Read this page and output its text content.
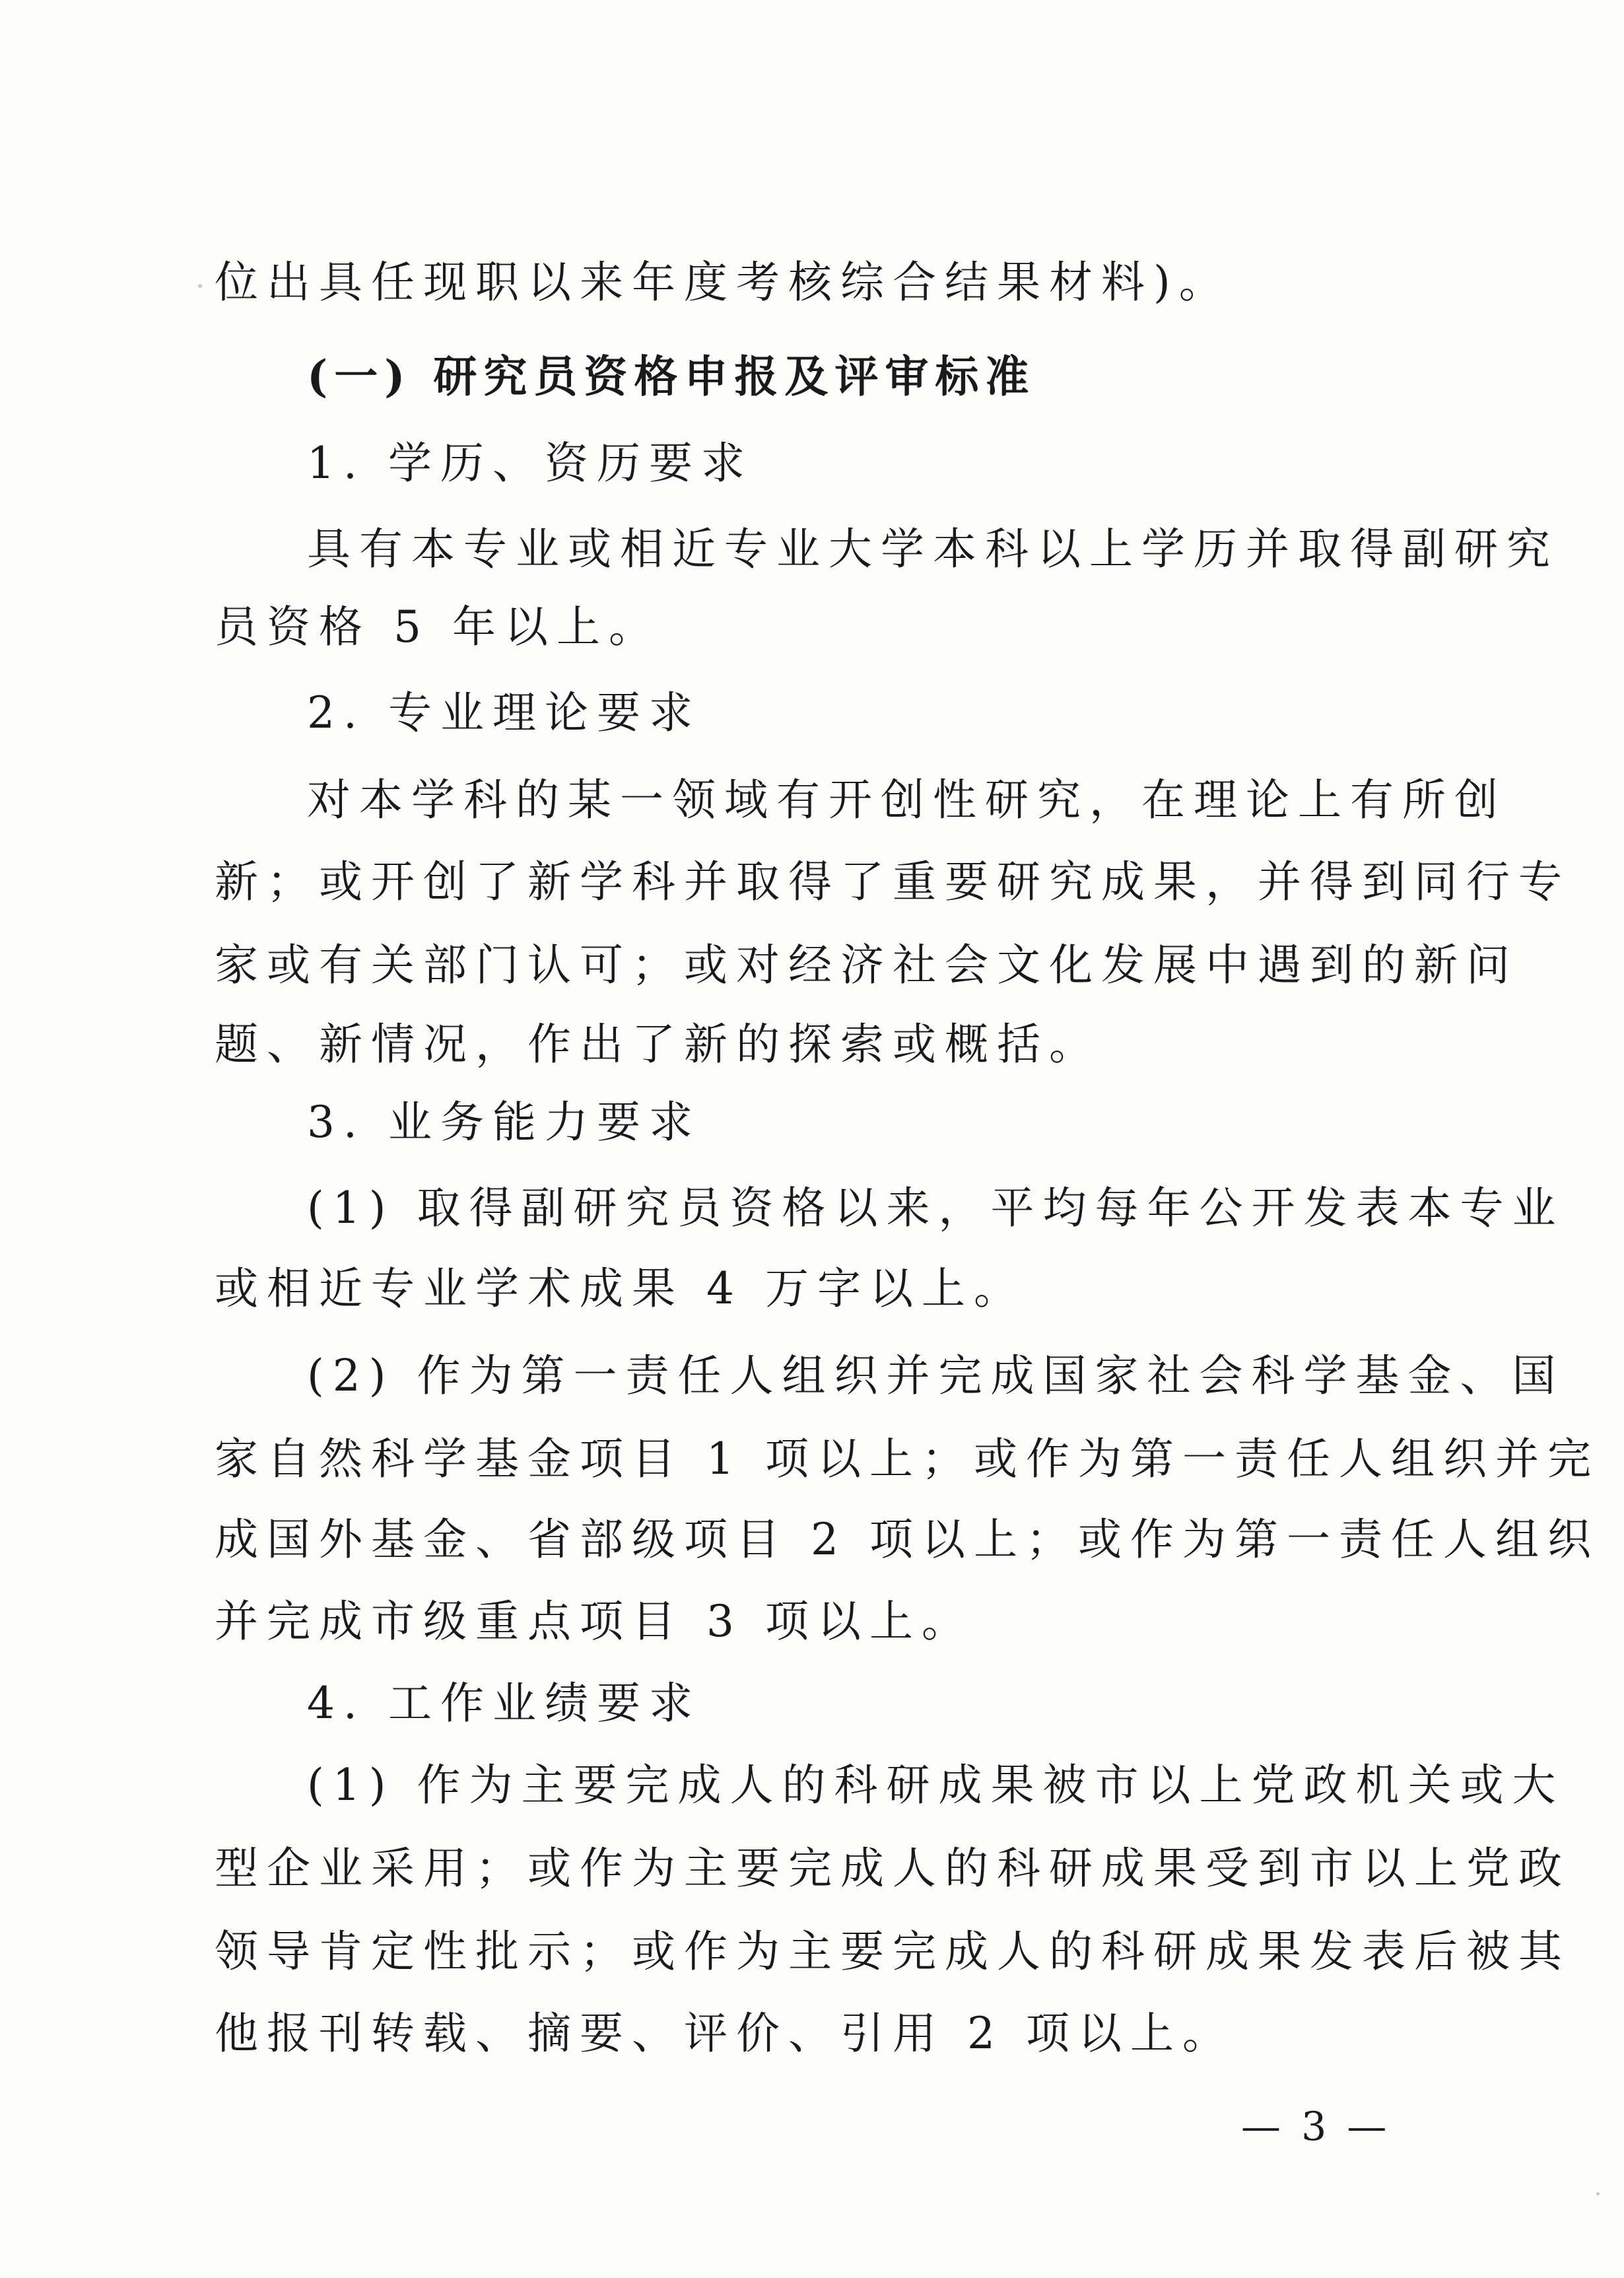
位出具任现职以来年度考核综合结果材料)。
(一) 研究员资格申报及评审标准
1. 学历、资历要求
具有本专业或相近专业大学本科以上学历并取得副研究
员资格 5 年以上。
2. 专业理论要求
对本学科的某一领域有开创性研究，在理论上有所创
新；或开创了新学科并取得了重要研究成果，并得到同行专
家或有关部门认可；或对经济社会文化发展中遇到的新问
题、新情况，作出了新的探索或概括。
3. 业务能力要求
(1) 取得副研究员资格以来，平均每年公开发表本专业
或相近专业学术成果 4 万字以上。
(2) 作为第一责任人组织并完成国家社会科学基金、国
家自然科学基金项目 1 项以上；或作为第一责任人组织并完
成国外基金、省部级项目 2 项以上；或作为第一责任人组织
并完成市级重点项目 3 项以上。
4. 工作业绩要求
(1) 作为主要完成人的科研成果被市以上党政机关或大
型企业采用；或作为主要完成人的科研成果受到市以上党政
领导肯定性批示；或作为主要完成人的科研成果发表后被其
他报刊转载、摘要、评价、引用 2 项以上。
— 3 —
